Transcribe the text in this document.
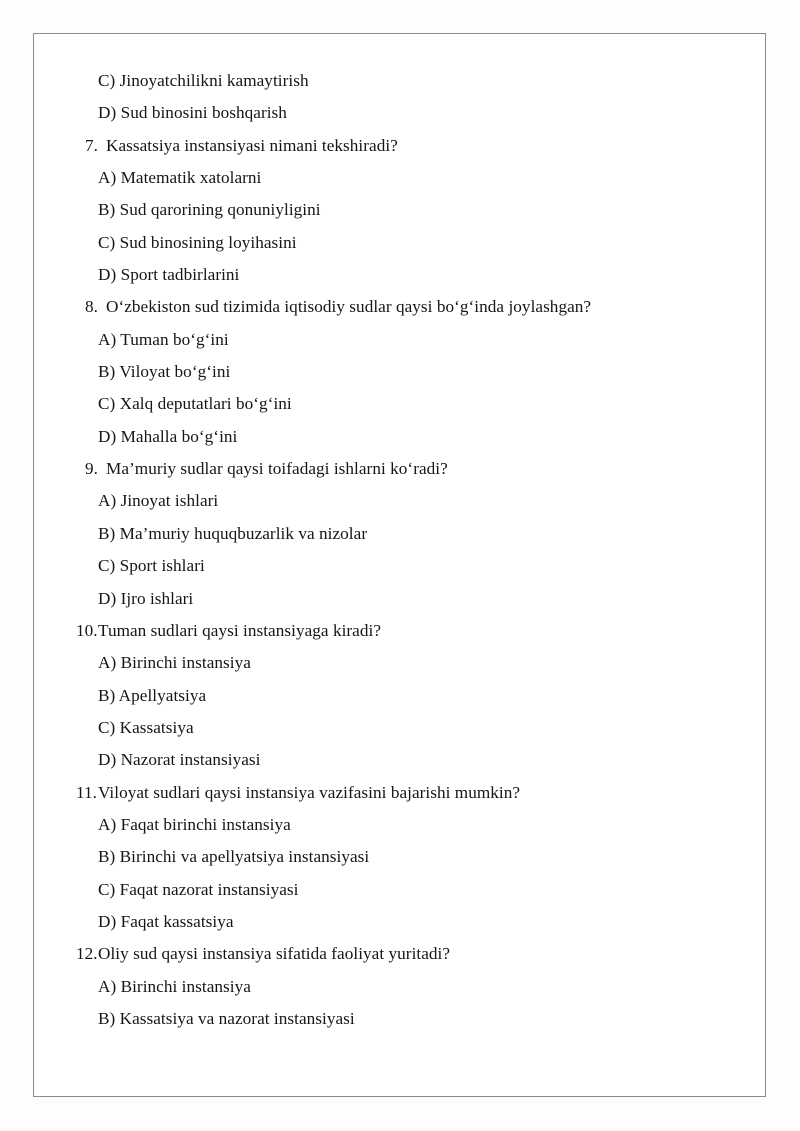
C) Jinoyatchilikni kamaytirish
D) Sud binosini boshqarish
7. Kassatsiya instansiyasi nimani tekshiradi?
A) Matematik xatolarni
B) Sud qarorining qonuniyligini
C) Sud binosining loyihasini
D) Sport tadbirlarini
8. Oʻzbekiston sud tizimida iqtisodiy sudlar qaysi boʻgʻinda joylashgan?
A) Tuman boʻgʻini
B) Viloyat boʻgʻini
C) Xalq deputatlari boʻgʻini
D) Mahalla boʻgʻini
9. Ma’muriy sudlar qaysi toifadagi ishlarni koʻradi?
A) Jinoyat ishlari
B) Ma’muriy huquqbuzarlik va nizolar
C) Sport ishlari
D) Ijro ishlari
10. Tuman sudlari qaysi instansiyaga kiradi?
A) Birinchi instansiya
B) Apellyatsiya
C) Kassatsiya
D) Nazorat instansiyasi
11. Viloyat sudlari qaysi instansiya vazifasini bajarishi mumkin?
A) Faqat birinchi instansiya
B) Birinchi va apellyatsiya instansiyasi
C) Faqat nazorat instansiyasi
D) Faqat kassatsiya
12. Oliy sud qaysi instansiya sifatida faoliyat yuritadi?
A) Birinchi instansiya
B) Kassatsiya va nazorat instansiyasi
